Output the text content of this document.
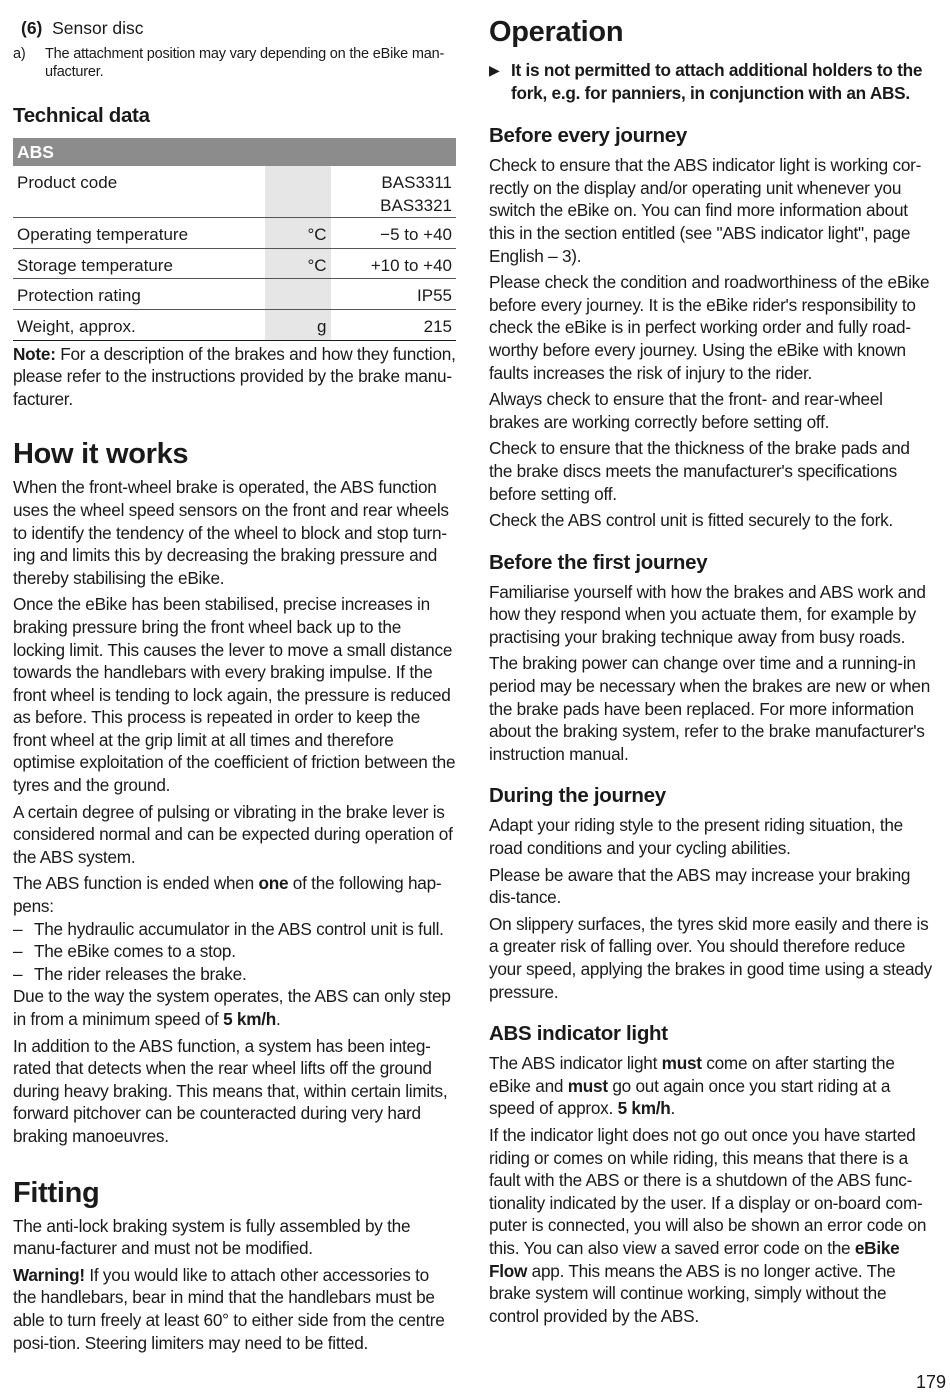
(6) Sensor disc
a)	The attachment position may vary depending on the eBike man-ufacturer.
Technical data
ABS		
Product code		BAS3311
BAS3321

Operating temperature	°C	−5 to +40
Storage temperature	°C	+10 to +40
Protection rating		IP55
Weight, approx.	g	215

Note: For a description of the brakes and how they function, please refer to the instructions provided by the brake manu-facturer.

How it works

When the front-wheel brake is operated, the ABS function uses the wheel speed sensors on the front and rear wheels to identify the tendency of the wheel to block and stop turn-ing and limits this by decreasing the braking pressure and thereby stabilising the eBike.

Once the eBike has been stabilised, precise increases in braking pressure bring the front wheel back up to the locking limit. This causes the lever to move a small distance towards the handlebars with every braking impulse. If the front wheel is tending to lock again, the pressure is reduced as before. This process is repeated in order to keep the front wheel at the grip limit at all times and therefore optimise exploitation of the coefficient of friction between the tyres and the ground.

A certain degree of pulsing or vibrating in the brake lever is considered normal and can be expected during operation of the ABS system.

The ABS function is ended when one of the following hap-pens:

– The hydraulic accumulator in the ABS control unit is full.

– The eBike comes to a stop.

– The rider releases the brake.

Due to the way the system operates, the ABS can only step in from a minimum speed of 5 km/h.

In addition to the ABS function, a system has been integ-rated that detects when the rear wheel lifts off the ground during heavy braking. This means that, within certain limits, forward pitchover can be counteracted during very hard braking manoeuvres.

Fitting

The anti-lock braking system is fully assembled by the manu-facturer and must not be modified.

Warning! If you would like to attach other accessories to the handlebars, bear in mind that the handlebars must be able to turn freely at least 60° to either side from the centre posi-tion. Steering limiters may need to be fitted.

Operation
▶ It is not permitted to attach additional holders to the fork, e.g. for panniers, in conjunction with an ABS.

Before every journey

Check to ensure that the ABS indicator light is working cor-rectly on the display and/or operating unit whenever you switch the eBike on. You can find more information about this in the section entitled (see "ABS indicator light", page English – 3).

Please check the condition and roadworthiness of the eBike before every journey. It is the eBike rider's responsibility to check the eBike is in perfect working order and fully road-worthy before every journey. Using the eBike with known faults increases the risk of injury to the rider.

Always check to ensure that the front- and rear-wheel brakes are working correctly before setting off.

Check to ensure that the thickness of the brake pads and the brake discs meets the manufacturer's specifications before setting off.

Check the ABS control unit is fitted securely to the fork.

Before the first journey

Familiarise yourself with how the brakes and ABS work and how they respond when you actuate them, for example by practising your braking technique away from busy roads.

The braking power can change over time and a running-in period may be necessary when the brakes are new or when the brake pads have been replaced. For more information about the braking system, refer to the brake manufacturer's instruction manual.

During the journey

Adapt your riding style to the present riding situation, the road conditions and your cycling abilities.

Please be aware that the ABS may increase your braking dis-tance.

On slippery surfaces, the tyres skid more easily and there is a greater risk of falling over. You should therefore reduce your speed, applying the brakes in good time using a steady pressure.

ABS indicator light

The ABS indicator light must come on after starting the eBike and must go out again once you start riding at a speed of approx. 5 km/h.

If the indicator light does not go out once you have started riding or comes on while riding, this means that there is a fault with the ABS or there is a shutdown of the ABS func-tionality indicated by the user. If a display or on-board com-puter is connected, you will also be shown an error code on this. You can also view a saved error code on the eBike Flow app. This means the ABS is no longer active. The brake system will continue working, simply without the control provided by the ABS.

179
